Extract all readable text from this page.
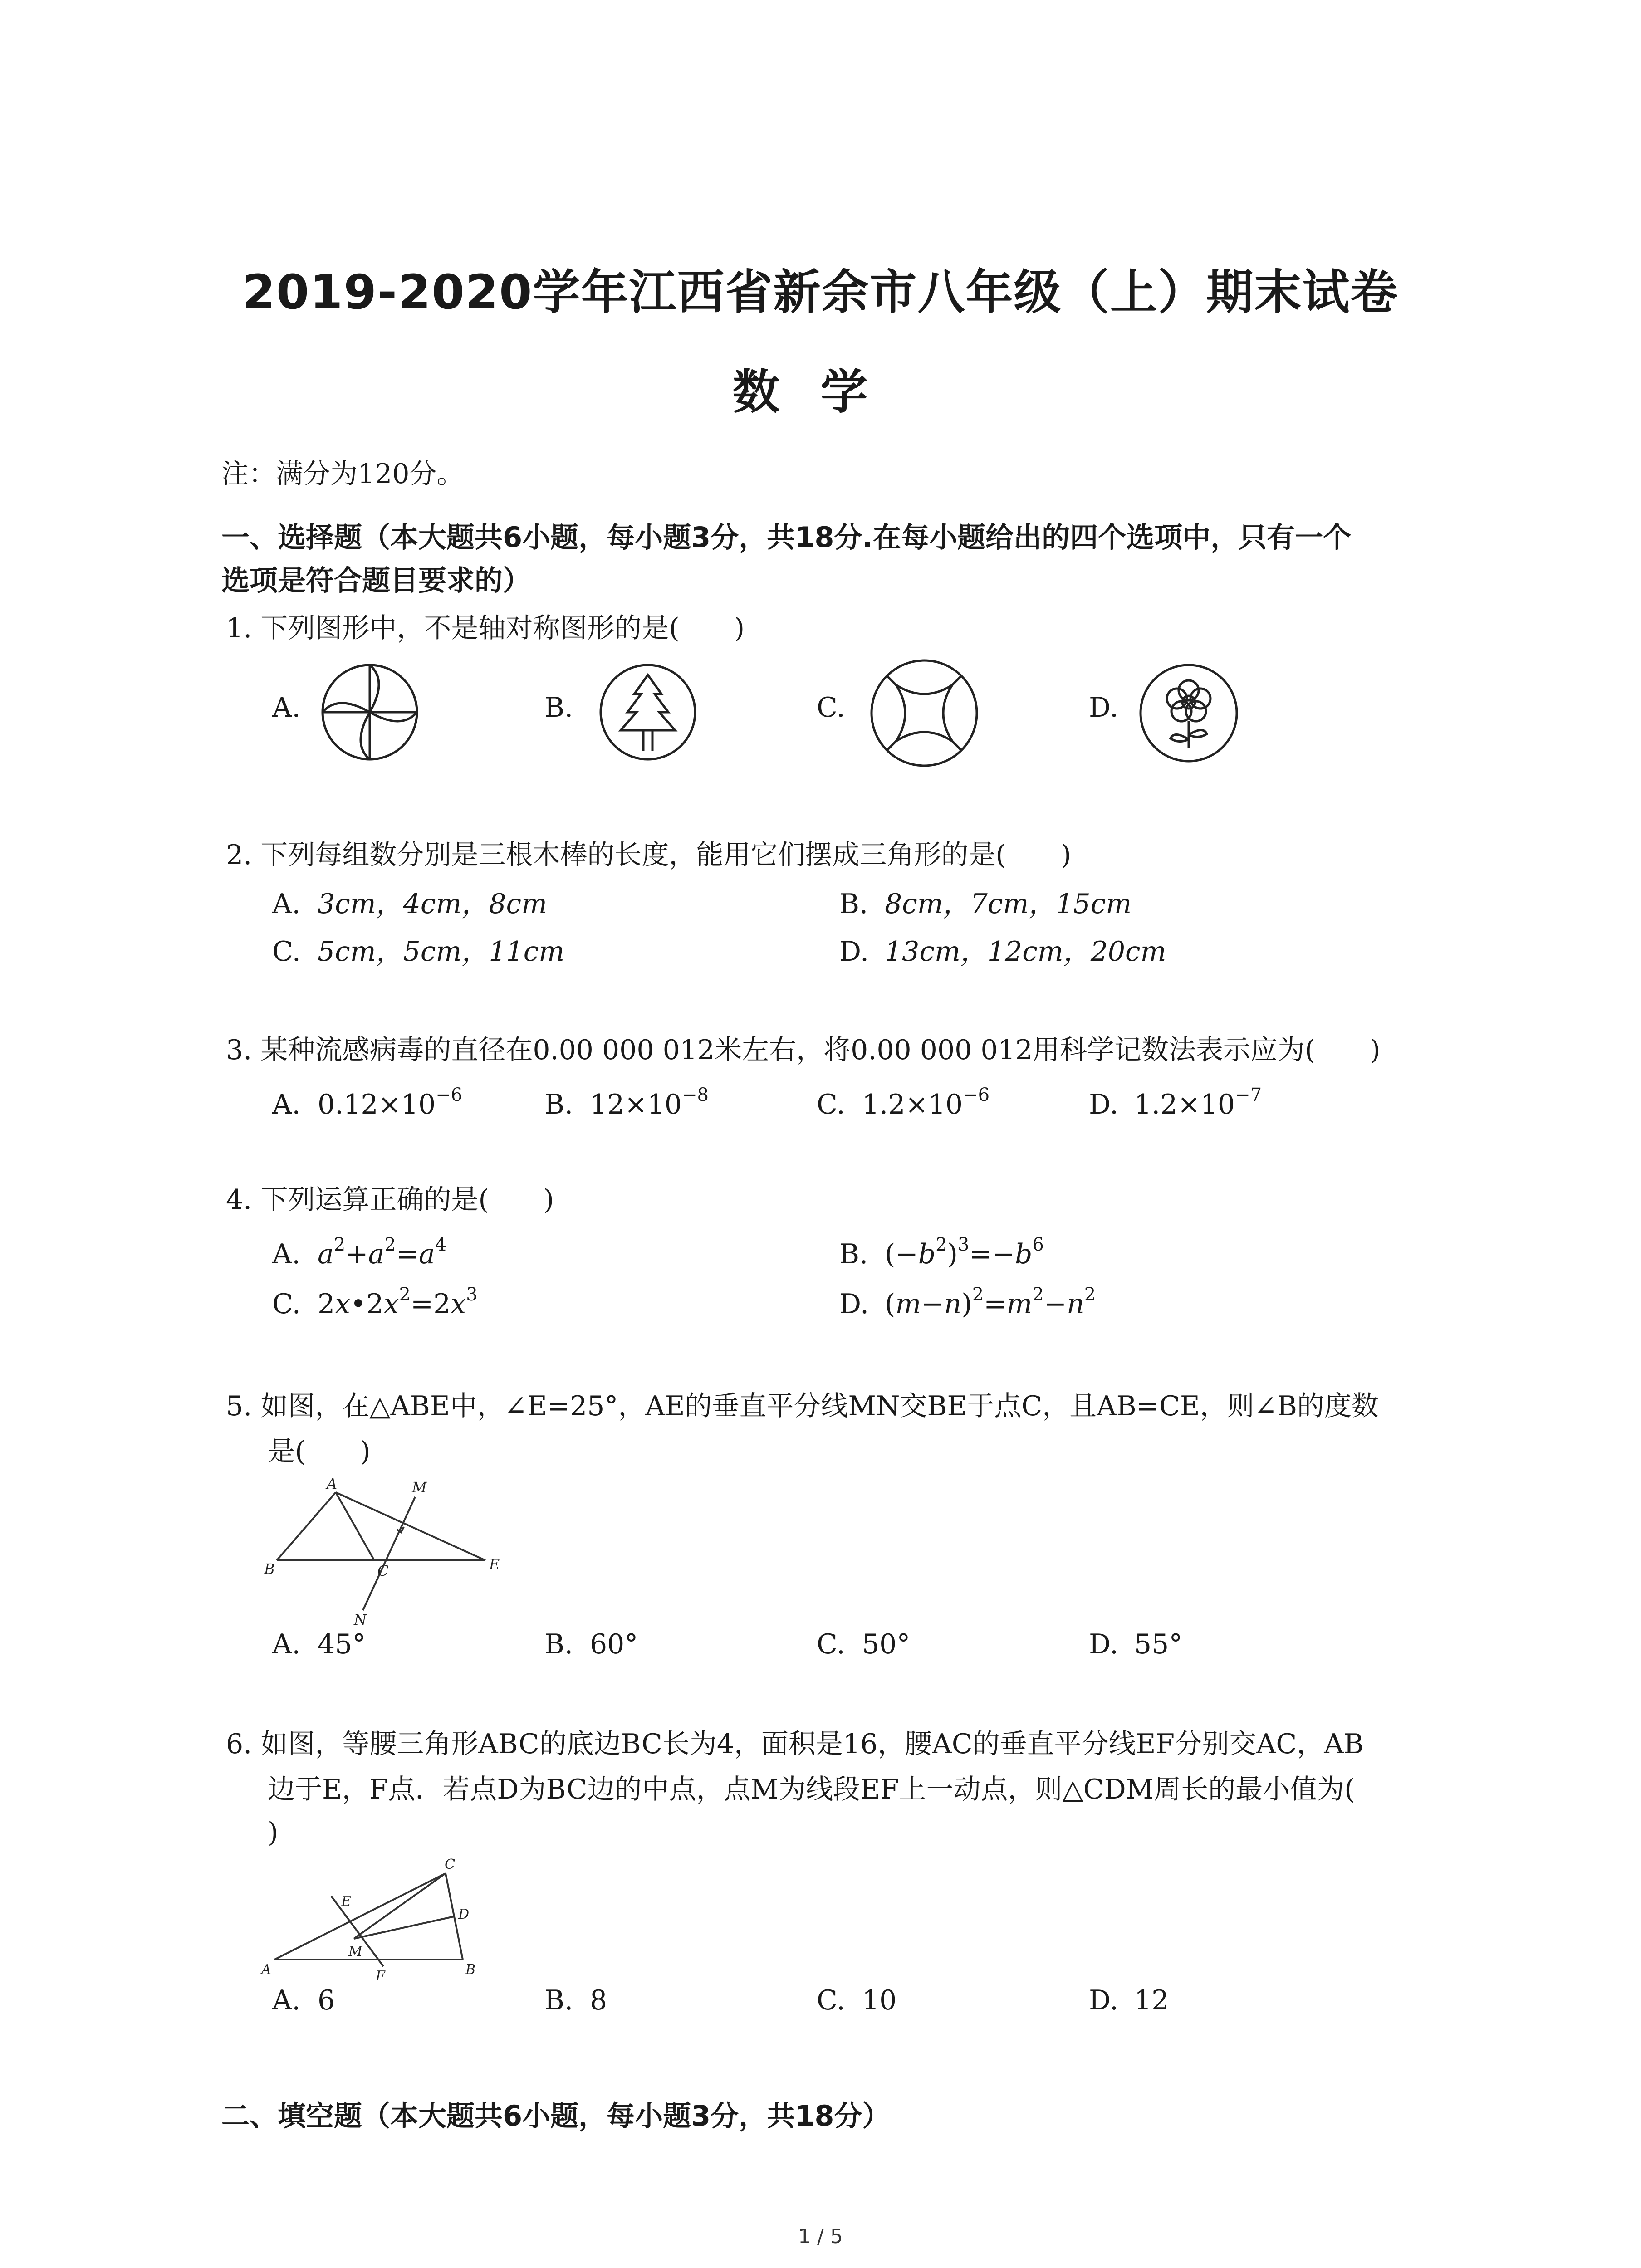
2019-2020学年江西省新余市八年级（上）期末试卷
数学
注：满分为120分。
一、选择题（本大题共6小题，每小题3分，共18分.在每小题给出的四个选项中，只有一个
选项是符合题目要求的）
1. 下列图形中，不是轴对称图形的是(　　)
A.	B.	C.	D.
2. 下列每组数分别是三根木棒的长度，能用它们摆成三角形的是(　　)
A. 3cm，4cm，8cm	B. 8cm，7cm，15cm
C. 5cm，5cm，11cm	D. 13cm，12cm，20cm
3. 某种流感病毒的直径在0.00 000 012米左右，将0.00 000 012用科学记数法表示应为(　　)
A. $0.12\times 10^{-6}$	B. $12\times 10^{-8}$	C. $1.2\times 10^{-6}$	D. $1.2\times 10^{-7}$
4. 下列运算正确的是(　　)
A. $a^2+a^2=a^4$	B. $(-b^2)^3=-b^6$
C. $2x•2x^2=2x^3$	D. $(m-n)^2=m^2-n^2$
5. 如图，在△ABE中，∠E=25°，AE的垂直平分线MN交BE于点C，且AB=CE，则∠B的度数
是(　　)
A
B	C	E
M
N
A. 45°	B. 60°	C. 50°	D. 55°
6. 如图，等腰三角形ABC的底边BC长为4，面积是16，腰AC的垂直平分线EF分别交AC，AB
边于E，F点．若点D为BC边的中点，点M为线段EF上一动点，则△CDM周长的最小值为(
)
A	B
C
D
E
F
M
A. 6	B. 8	C. 10	D. 12
二、填空题（本大题共6小题，每小题3分，共18分）
1 / 5
